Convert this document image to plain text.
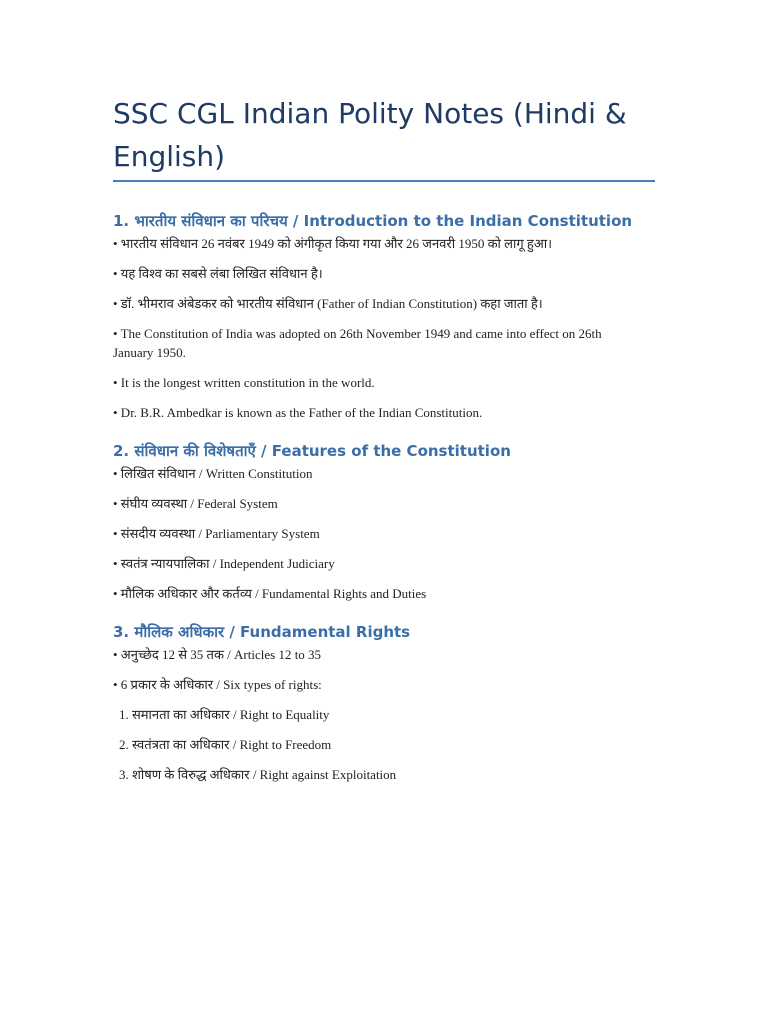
SSC CGL Indian Polity Notes (Hindi & English)
1. भारतीय संविधान का परिचय / Introduction to the Indian Constitution

• भारतीय संविधान 26 नवंबर 1949 को अंगीकृत किया गया और 26 जनवरी 1950 को लागू हुआ।

• यह विश्व का सबसे लंबा लिखित संविधान है।

• डॉ. भीमराव अंबेडकर को भारतीय संविधान (Father of Indian Constitution) कहा जाता है।

• The Constitution of India was adopted on 26th November 1949 and came into effect on 26th January 1950.

• It is the longest written constitution in the world.

• Dr. B.R. Ambedkar is known as the Father of the Indian Constitution.

2. संविधान की विशेषताएँ / Features of the Constitution

• लिखित संविधान / Written Constitution

• संघीय व्यवस्था / Federal System

• संसदीय व्यवस्था / Parliamentary System

• स्वतंत्र न्यायपालिका / Independent Judiciary

• मौलिक अधिकार और कर्तव्य / Fundamental Rights and Duties

3. मौलिक अधिकार / Fundamental Rights

• अनुच्छेद 12 से 35 तक / Articles 12 to 35

• 6 प्रकार के अधिकार / Six types of rights:

1. समानता का अधिकार / Right to Equality

2. स्वतंत्रता का अधिकार / Right to Freedom

3. शोषण के विरुद्ध अधिकार / Right against Exploitation
